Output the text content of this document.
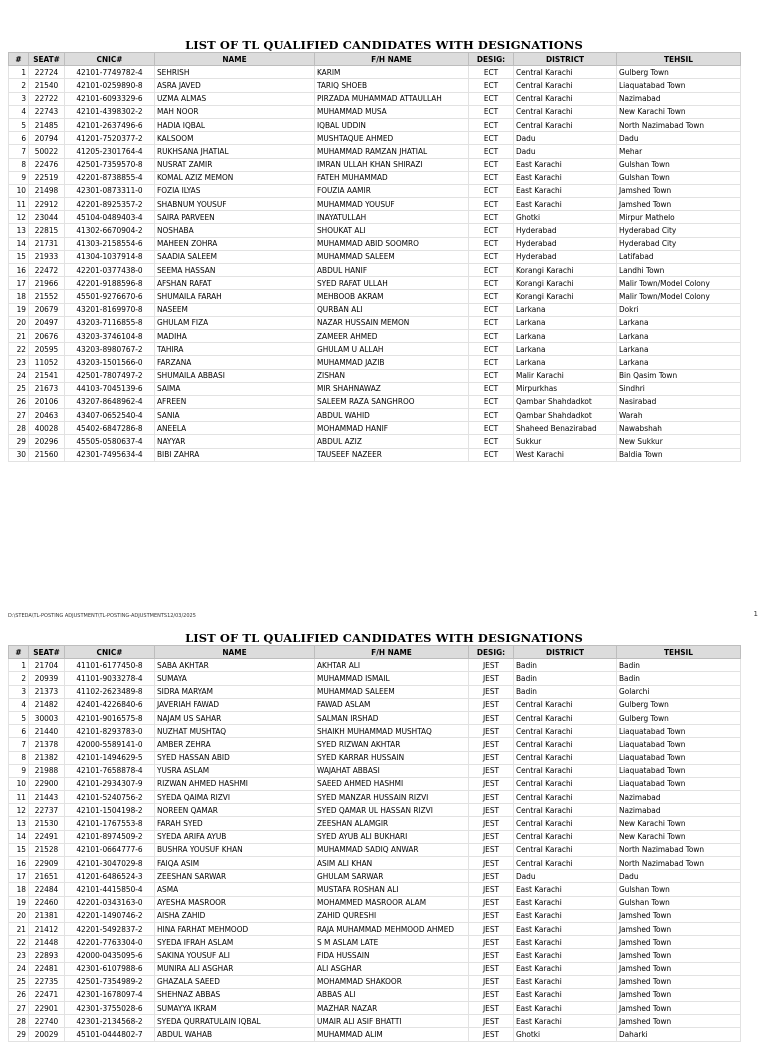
LIST OF TL QUALIFIED CANDIDATES WITH DESIGNATIONS
#	SEAT#	CNIC#	NAME	F/H NAME	DESIG:	DISTRICT	TEHSIL
1	22724	42101-7749782-4	SEHRISH	KARIM	ECT	Central Karachi	Gulberg Town
2	21540	42101-0259890-8	ASRA JAVED	TARIQ SHOEB	ECT	Central Karachi	Liaquatabad Town
3	22722	42101-6093329-6	UZMA ALMAS	PIRZADA MUHAMMAD ATTAULLAH	ECT	Central Karachi	Nazimabad
4	22743	42101-4398302-2	MAH NOOR	MUHAMMAD MUSA	ECT	Central Karachi	New Karachi Town
5	21485	42101-2637496-6	HADIA IQBAL	IQBAL UDDIN	ECT	Central Karachi	North Nazimabad Town
6	20794	41201-7520377-2	KALSOOM	MUSHTAQUE AHMED	ECT	Dadu	Dadu
7	50022	41205-2301764-4	RUKHSANA JHATIAL	MUHAMMAD RAMZAN JHATIAL	ECT	Dadu	Mehar
8	22476	42501-7359570-8	NUSRAT ZAMIR	IMRAN ULLAH KHAN SHIRAZI	ECT	East Karachi	Gulshan Town
9	22519	42201-8738855-4	KOMAL AZIZ MEMON	FATEH MUHAMMAD	ECT	East Karachi	Gulshan Town
10	21498	42301-0873311-0	FOZIA ILYAS	FOUZIA AAMIR	ECT	East Karachi	Jamshed Town
11	22912	42201-8925357-2	SHABNUM YOUSUF	MUHAMMAD YOUSUF	ECT	East Karachi	Jamshed Town
12	23044	45104-0489403-4	SAIRA PARVEEN	INAYATULLAH	ECT	Ghotki	Mirpur Mathelo
13	22815	41302-6670904-2	NOSHABA	SHOUKAT ALI	ECT	Hyderabad	Hyderabad City
14	21731	41303-2158554-6	MAHEEN ZOHRA	MUHAMMAD ABID SOOMRO	ECT	Hyderabad	Hyderabad City
15	21933	41304-1037914-8	SAADIA SALEEM	MUHAMMAD SALEEM	ECT	Hyderabad	Latifabad
16	22472	42201-0377438-0	SEEMA HASSAN	ABDUL HANIF	ECT	Korangi Karachi	Landhi Town
17	21966	42201-9188596-8	AFSHAN RAFAT	SYED RAFAT ULLAH	ECT	Korangi Karachi	Malir Town/Model Colony
18	21552	45501-9276670-6	SHUMAILA FARAH	MEHBOOB AKRAM	ECT	Korangi Karachi	Malir Town/Model Colony
19	20679	43201-8169970-8	NASEEM	QURBAN ALI	ECT	Larkana	Dokri
20	20497	43203-7116855-8	GHULAM FIZA	NAZAR HUSSAIN MEMON	ECT	Larkana	Larkana
21	20676	43203-3746104-8	MADIHA	ZAMEER AHMED	ECT	Larkana	Larkana
22	20595	43203-8980767-2	TAHIRA	GHULAM U ALLAH	ECT	Larkana	Larkana
23	11052	43203-1501566-0	FARZANA	MUHAMMAD JAZIB	ECT	Larkana	Larkana
24	21541	42501-7807497-2	SHUMAILA ABBASI	ZISHAN	ECT	Malir Karachi	Bin Qasim Town
25	21673	44103-7045139-6	SAIMA	MIR SHAHNAWAZ	ECT	Mirpurkhas	Sindhri
26	20106	43207-8648962-4	AFREEN	SALEEM RAZA SANGHROO	ECT	Qambar Shahdadkot	Nasirabad
27	20463	43407-0652540-4	SANIA	ABDUL WAHID	ECT	Qambar Shahdadkot	Warah
28	40028	45402-6847286-8	ANEELA	MOHAMMAD HANIF	ECT	Shaheed Benazirabad	Nawabshah
29	20296	45505-0580637-4	NAYYAR	ABDUL AZIZ	ECT	Sukkur	New Sukkur
30	21560	42301-7495634-4	BIBI ZAHRA	TAUSEEF NAZEER	ECT	West Karachi	Baldia Town
D:\STEDA\TL-POSTING ADJUSTMENT\TL-POSTING-ADJUSTMENTS12/03/2025	1
LIST OF TL QUALIFIED CANDIDATES WITH DESIGNATIONS
#	SEAT#	CNIC#	NAME	F/H NAME	DESIG:	DISTRICT	TEHSIL
1	21704	41101-6177450-8	SABA AKHTAR	AKHTAR ALI	JEST	Badin	Badin
2	20939	41101-9033278-4	SUMAYA	MUHAMMAD ISMAIL	JEST	Badin	Badin
3	21373	41102-2623489-8	SIDRA MARYAM	MUHAMMAD SALEEM	JEST	Badin	Golarchi
4	21482	42401-4226840-6	JAVERIAH FAWAD	FAWAD ASLAM	JEST	Central Karachi	Gulberg Town
5	30003	42101-9016575-8	NAJAM US SAHAR	SALMAN IRSHAD	JEST	Central Karachi	Gulberg Town
6	21440	42101-8293783-0	NUZHAT MUSHTAQ	SHAIKH MUHAMMAD MUSHTAQ	JEST	Central Karachi	Liaquatabad Town
7	21378	42000-5589141-0	AMBER ZEHRA	SYED RIZWAN AKHTAR	JEST	Central Karachi	Liaquatabad Town
8	21382	42101-1494629-5	SYED HASSAN ABID	SYED KARRAR HUSSAIN	JEST	Central Karachi	Liaquatabad Town
9	21988	42101-7658878-4	YUSRA ASLAM	WAJAHAT ABBASI	JEST	Central Karachi	Liaquatabad Town
10	22900	42101-2934307-9	RIZWAN AHMED HASHMI	SAEED AHMED HASHMI	JEST	Central Karachi	Liaquatabad Town
11	21443	42101-5240756-2	SYEDA QAIMA RIZVI	SYED MANZAR HUSSAIN RIZVI	JEST	Central Karachi	Nazimabad
12	22737	42101-1504198-2	NOREEN QAMAR	SYED QAMAR UL HASSAN RIZVI	JEST	Central Karachi	Nazimabad
13	21530	42101-1767553-8	FARAH SYED	ZEESHAN ALAMGIR	JEST	Central Karachi	New Karachi Town
14	22491	42101-8974509-2	SYEDA ARIFA AYUB	SYED AYUB ALI BUKHARI	JEST	Central Karachi	New Karachi Town
15	21528	42101-0664777-6	BUSHRA YOUSUF KHAN	MUHAMMAD SADIQ ANWAR	JEST	Central Karachi	North Nazimabad Town
16	22909	42101-3047029-8	FAIQA ASIM	ASIM ALI KHAN	JEST	Central Karachi	North Nazimabad Town
17	21651	41201-6486524-3	ZEESHAN SARWAR	GHULAM SARWAR	JEST	Dadu	Dadu
18	22484	42101-4415850-4	ASMA	MUSTAFA ROSHAN ALI	JEST	East Karachi	Gulshan Town
19	22460	42201-0343163-0	AYESHA MASROOR	MOHAMMED MASROOR ALAM	JEST	East Karachi	Gulshan Town
20	21381	42201-1490746-2	AISHA ZAHID	ZAHID QURESHI	JEST	East Karachi	Jamshed Town
21	21412	42201-5492837-2	HINA FARHAT MEHMOOD	RAJA MUHAMMAD MEHMOOD AHMED	JEST	East Karachi	Jamshed Town
22	21448	42201-7763304-0	SYEDA IFRAH ASLAM	S M ASLAM LATE	JEST	East Karachi	Jamshed Town
23	22893	42000-0435095-6	SAKINA YOUSUF ALI	FIDA HUSSAIN	JEST	East Karachi	Jamshed Town
24	22481	42301-6107988-6	MUNIRA ALI ASGHAR	ALI ASGHAR	JEST	East Karachi	Jamshed Town
25	22735	42501-7354989-2	GHAZALA SAEED	MOHAMMAD SHAKOOR	JEST	East Karachi	Jamshed Town
26	22471	42301-1678097-4	SHEHNAZ ABBAS	ABBAS ALI	JEST	East Karachi	Jamshed Town
27	22901	42301-3755028-6	SUMAYYA IKRAM	MAZHAR NAZAR	JEST	East Karachi	Jamshed Town
28	22740	42301-2134568-2	SYEDA QURRATULAIN IQBAL	UMAIR ALI ASIF BHATTI	JEST	East Karachi	Jamshed Town
29	20029	45101-0444802-7	ABDUL WAHAB	MUHAMMAD ALIM	JEST	Ghotki	Daharki
